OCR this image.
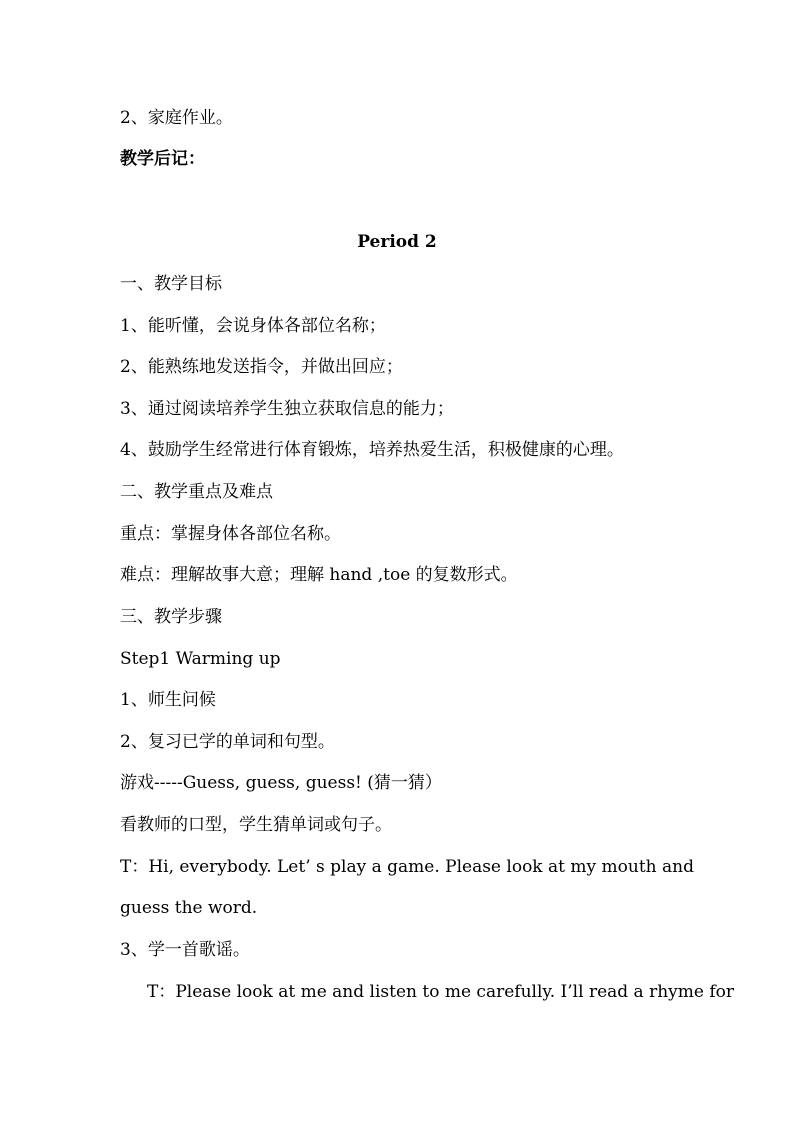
2、家庭作业。
教学后记：
Period 2
一、教学目标
1、能听懂，会说身体各部位名称；
2、能熟练地发送指令，并做出回应；
3、通过阅读培养学生独立获取信息的能力；
4、鼓励学生经常进行体育锻炼，培养热爱生活，积极健康的心理。
二、教学重点及难点
重点：掌握身体各部位名称。
难点：理解故事大意；理解 hand ,toe 的复数形式。
三、教学步骤
Step1 Warming up
1、师生问候
2、复习已学的单词和句型。
游戏-----Guess, guess, guess! (猜一猜）
看教师的口型，学生猜单词或句子。
T：Hi, everybody. Let’ s play a game. Please look at my mouth and
guess the word.
3、学一首歌谣。
T：Please look at me and listen to me carefully. I’ll read a rhyme for
